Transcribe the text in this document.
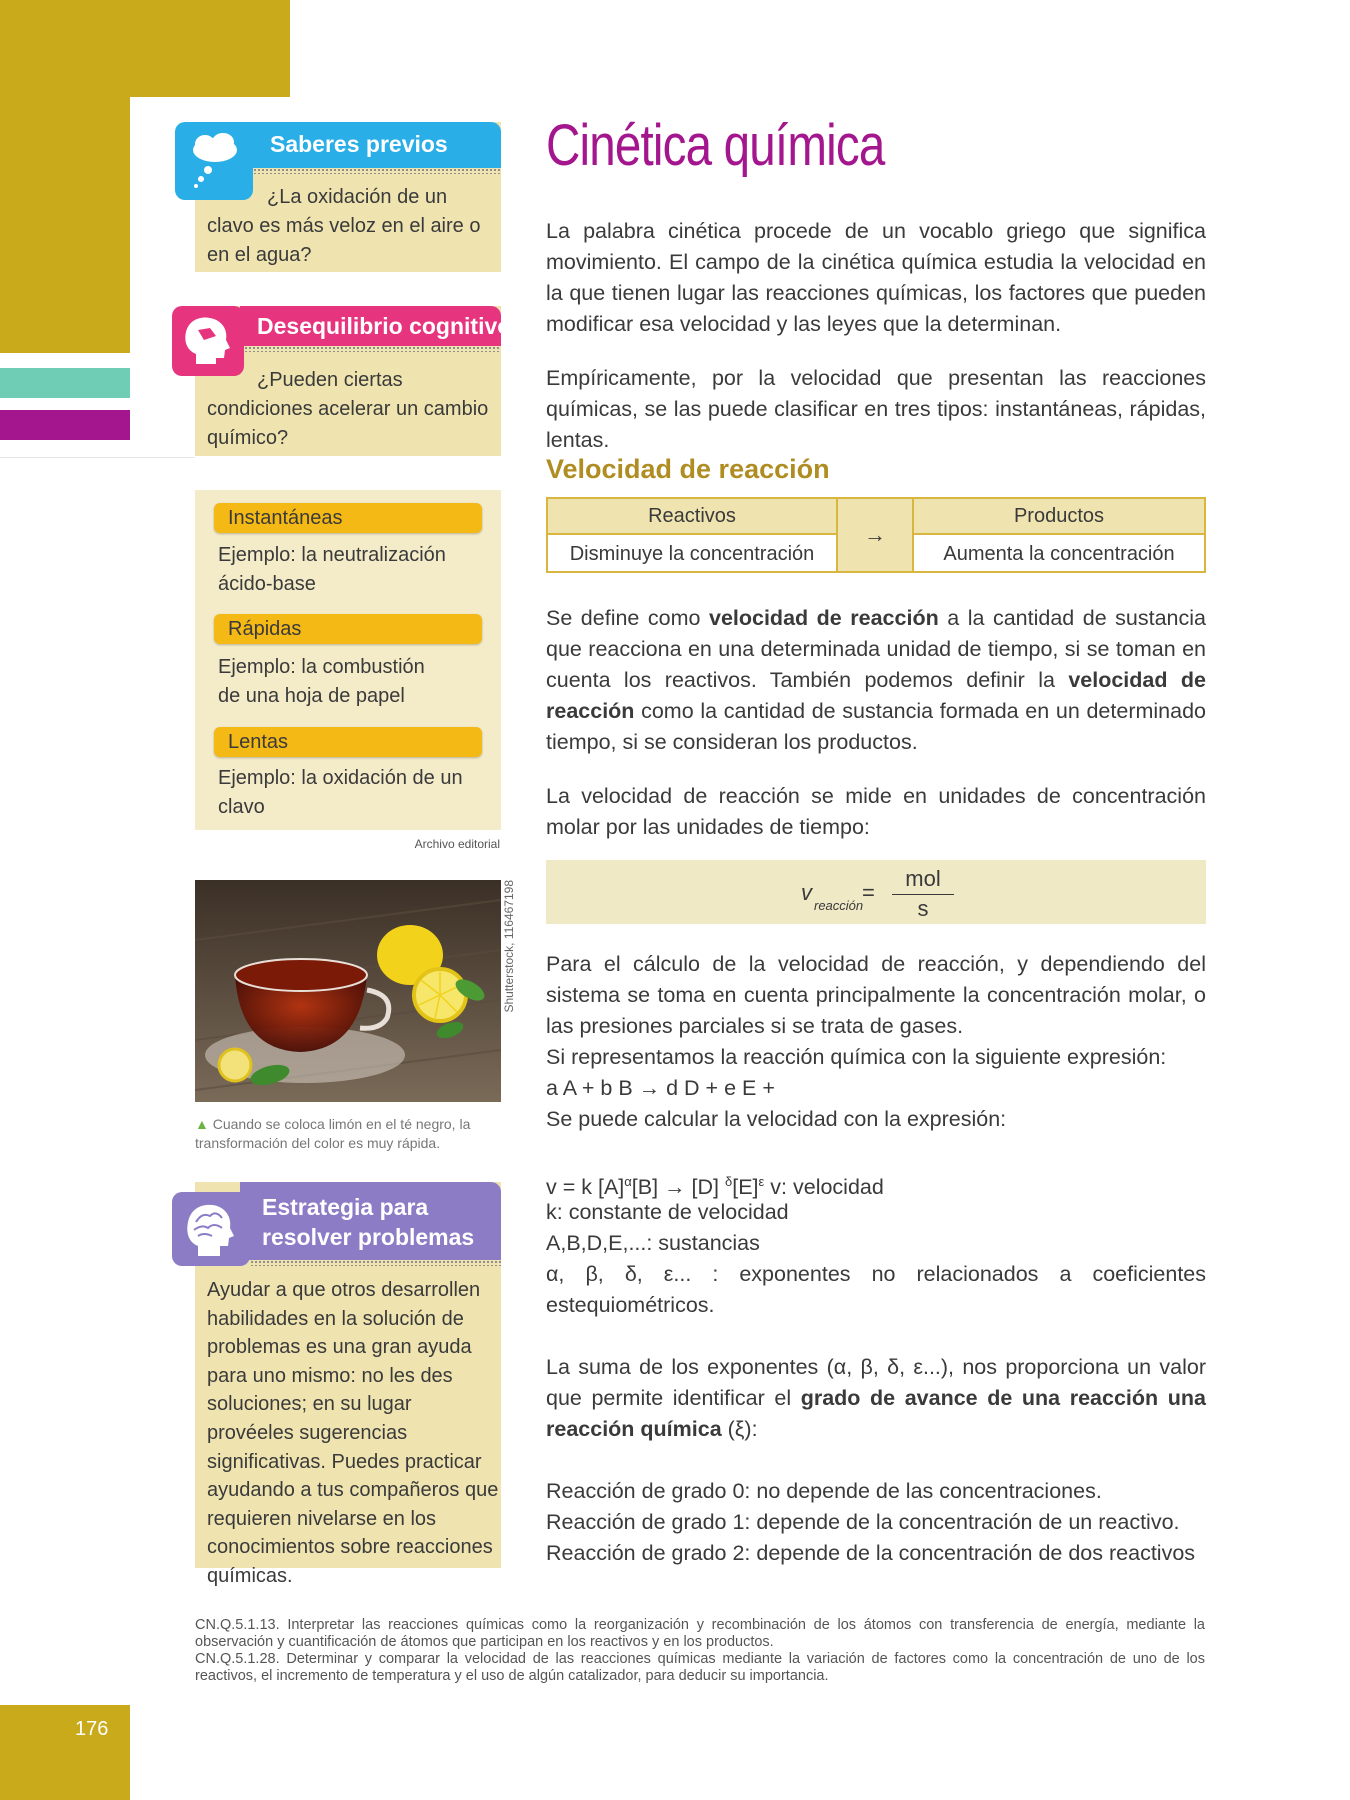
176
Saberes previos
¿La oxidación de un clavo es más veloz en el aire o en el agua?
Desequilibrio cognitivo
¿Pueden ciertas condiciones acelerar un cambio químico?
Instantáneas
Ejemplo: la neutralización ácido-base
Rápidas
Ejemplo: la combustión de una hoja de papel
Lentas
Ejemplo: la oxidación de un clavo
Archivo editorial
Shutterstock, 116467198
▲ Cuando se coloca limón en el té negro, la transformación del color es muy rápida.
Estrategia para
resolver problemas
Ayudar a que otros desarrollen habilidades en la solución de problemas es una gran ayuda para uno mismo: no les des soluciones; en su lugar provéeles sugerencias significativas. Puedes practicar ayudando a tus compañeros que requieren nivelarse en los conocimientos sobre reacciones químicas.
Cinética química
La palabra cinética procede de un vocablo griego que significa movimiento. El campo de la cinética química estudia la velocidad en la que tienen lugar las reacciones químicas, los factores que pueden modificar esa velocidad y las leyes que la determinan.
Empíricamente, por la velocidad que presentan las reacciones químicas, se las puede clasificar en tres tipos: instantáneas, rápidas, lentas.
Velocidad de reacción
Reactivos
Disminuye la concentración
→
Productos
Aumenta la concentración
Se define como velocidad de reacción a la cantidad de sustancia que reacciona en una determinada unidad de tiempo, si se toman en cuenta los reactivos. También podemos definir la velocidad de reacción como la cantidad de sustancia formada en un determinado tiempo, si se consideran los productos.
La velocidad de reacción se mide en unidades de concentración molar por las unidades de tiempo:
v
reacción
=
mol
s
Para el cálculo de la velocidad de reacción, y dependiendo del sistema se toma en cuenta principalmente la concentración molar, o las presiones parciales si se trata de gases.
Si representamos la reacción química con la siguiente expresión:
a A + b B → d D + e E +
Se puede calcular la velocidad con la expresión:
v = k $[A]^\alpha[B] \to [D]$ $^\delta[E]^\varepsilon$ v: velocidad
k: constante de velocidad
A,B,D,E,...: sustancias
α, β, δ, ε... : exponentes no relacionados a coeficientes estequiométricos.
La suma de los exponentes (α, β, δ, ε...), nos proporciona un valor que permite identificar el grado de avance de una reacción una reacción química (ξ):
Reacción de grado 0: no depende de las concentraciones.
Reacción de grado 1: depende de la concentración de un reactivo.
Reacción de grado 2: depende de la concentración de dos reactivos
CN.Q.5.1.13. Interpretar las reacciones químicas como la reorganización y recombinación de los átomos con transferencia de energía, mediante la observación y cuantificación de átomos que participan en los reactivos y en los productos.
CN.Q.5.1.28. Determinar y comparar la velocidad de las reacciones químicas mediante la variación de factores como la concentración de uno de los reactivos, el incremento de temperatura y el uso de algún catalizador, para deducir su importancia.
